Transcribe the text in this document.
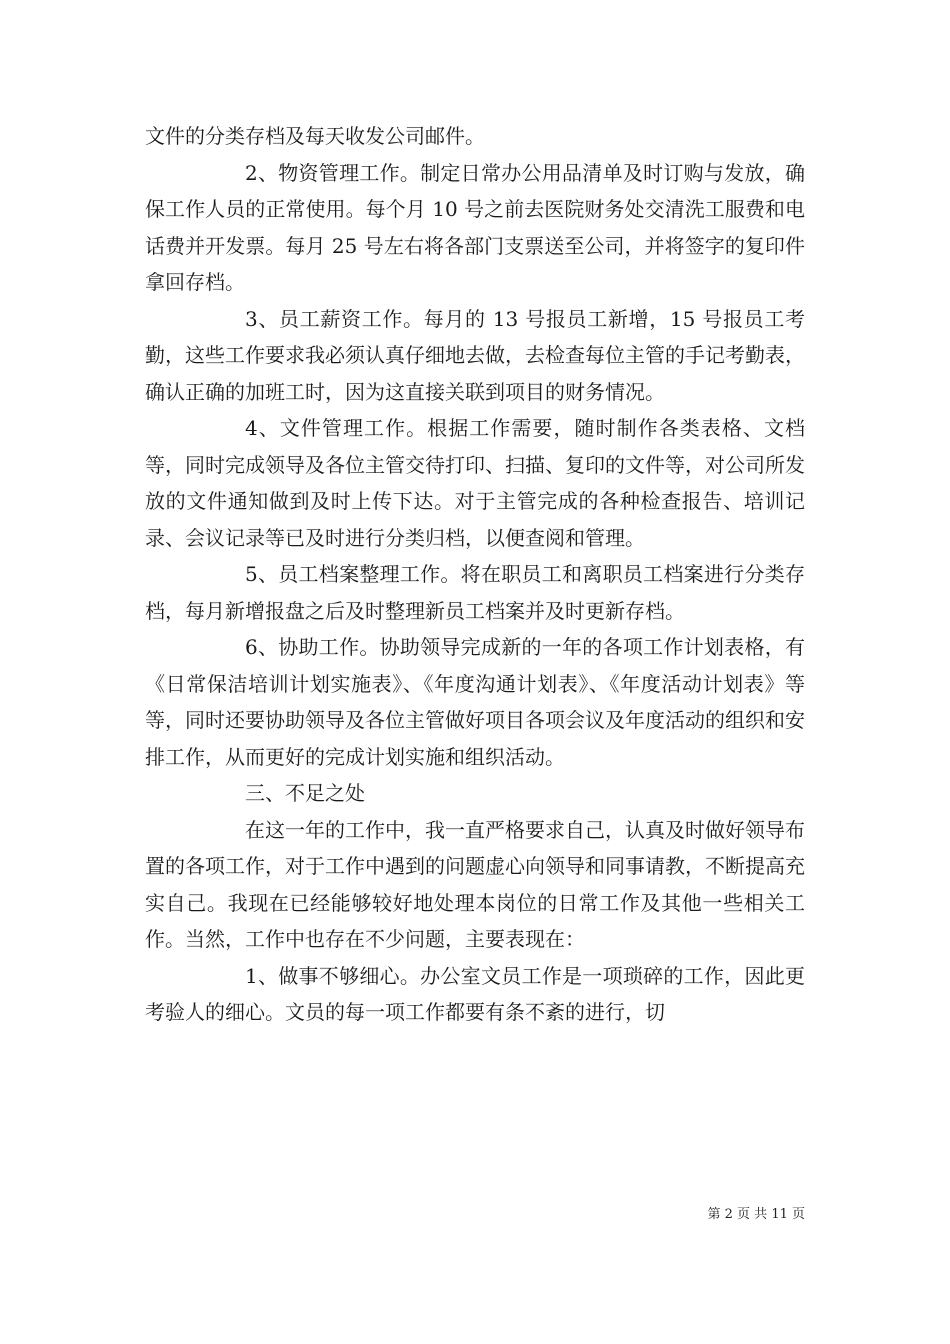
文件的分类存档及每天收发公司邮件。

2、物资管理工作。制定日常办公用品清单及时订购与发放，确保工作人员的正常使用。每个月 10 号之前去医院财务处交清洗工服费和电话费并开发票。每月 25 号左右将各部门支票送至公司，并将签字的复印件拿回存档。

3、员工薪资工作。每月的 13 号报员工新增，15 号报员工考勤，这些工作要求我必须认真仔细地去做，去检查每位主管的手记考勤表，确认正确的加班工时，因为这直接关联到项目的财务情况。

4、文件管理工作。根据工作需要，随时制作各类表格、文档等，同时完成领导及各位主管交待打印、扫描、复印的文件等，对公司所发放的文件通知做到及时上传下达。对于主管完成的各种检查报告、培训记录、会议记录等已及时进行分类归档，以便查阅和管理。

5、员工档案整理工作。将在职员工和离职员工档案进行分类存档，每月新增报盘之后及时整理新员工档案并及时更新存档。

6、协助工作。协助领导完成新的一年的各项工作计划表格，有《日常保洁培训计划实施表》、《年度沟通计划表》、《年度活动计划表》等等，同时还要协助领导及各位主管做好项目各项会议及年度活动的组织和安排工作，从而更好的完成计划实施和组织活动。

三、不足之处

在这一年的工作中，我一直严格要求自己，认真及时做好领导布置的各项工作，对于工作中遇到的问题虚心向领导和同事请教，不断提高充实自己。我现在已经能够较好地处理本岗位的日常工作及其他一些相关工作。当然，工作中也存在不少问题，主要表现在：

1、做事不够细心。办公室文员工作是一项琐碎的工作，因此更考验人的细心。文员的每一项工作都要有条不紊的进行，切

第 2 页 共 11 页
